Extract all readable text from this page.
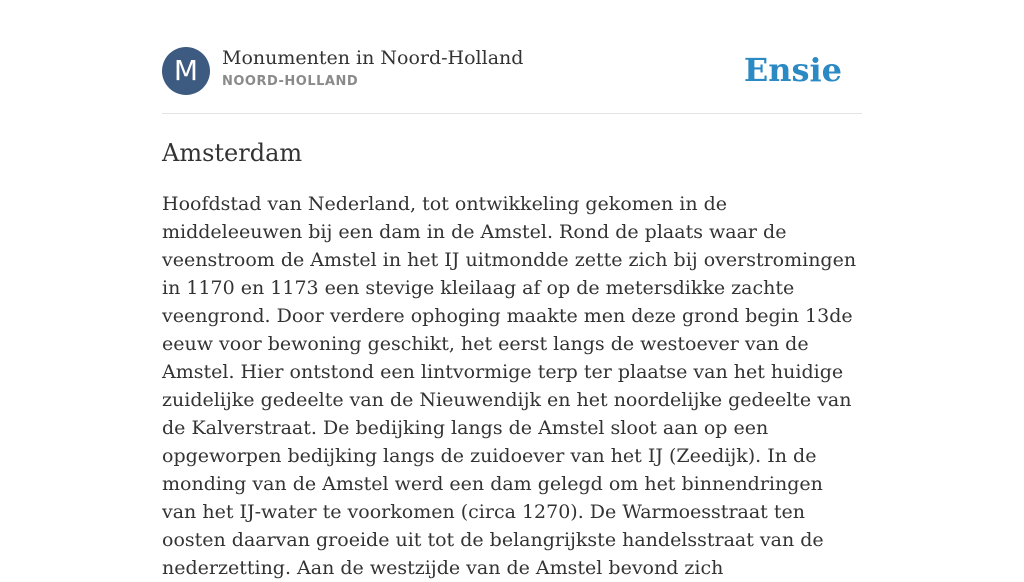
M	Monumenten in Noord-Holland
NOORD-HOLLAND	Ensie
Amsterdam

Hoofdstad van Nederland, tot ontwikkeling gekomen in de middeleeuwen bij een dam in de Amstel. Rond de plaats waar de veenstroom de Amstel in het IJ uitmondde zette zich bij overstromingen in 1170 en 1173 een stevige kleilaag af op de metersdikke zachte veengrond. Door verdere ophoging maakte men deze grond begin 13de eeuw voor bewoning geschikt, het eerst langs de westoever van de Amstel. Hier ontstond een lintvormige terp ter plaatse van het huidige zuidelijke gedeelte van de Nieuwendijk en het noordelijke gedeelte van de Kalverstraat. De bedijking langs de Amstel sloot aan op een opgeworpen bedijking langs de zuidoever van het IJ (Zeedijk). In de monding van de Amstel werd een dam gelegd om het binnendringen van het IJ-water te voorkomen (circa 1270). De Warmoesstraat ten oosten daarvan groeide uit tot de belangrijkste handelsstraat van de nederzetting. Aan de westzijde van de Amstel bevond zich
